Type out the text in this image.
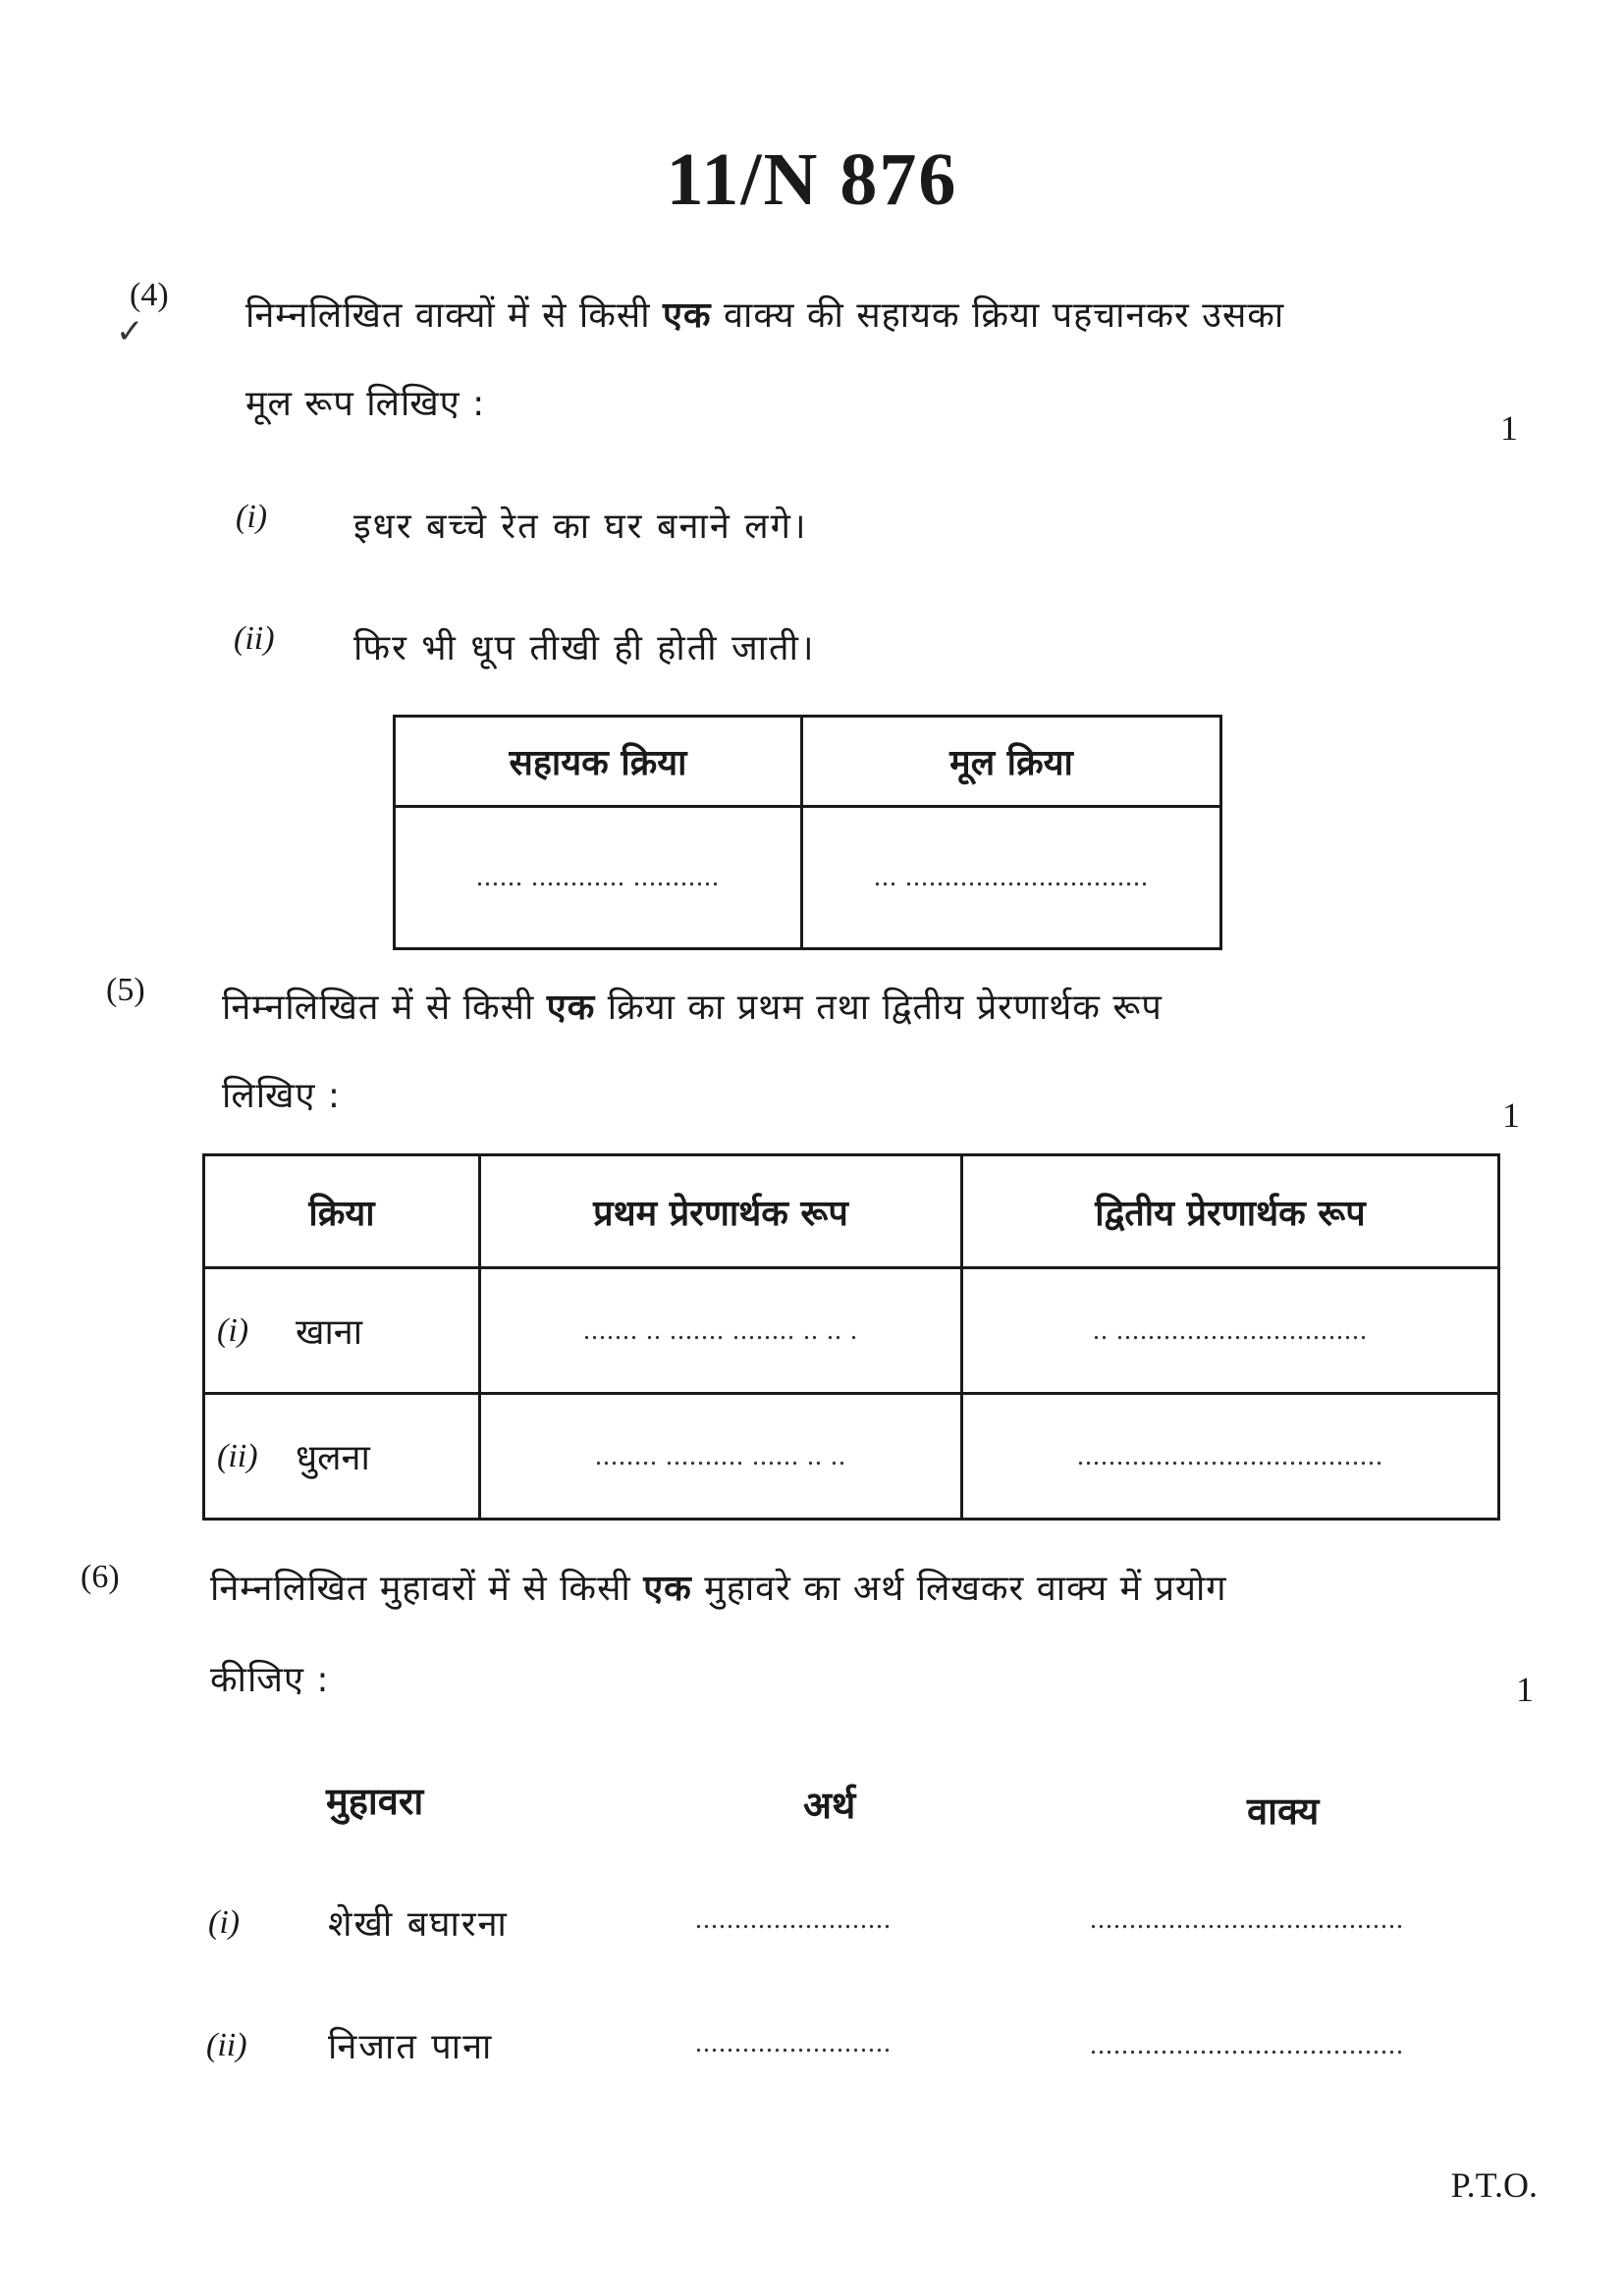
11/N 876
(4)
✓	निम्नलिखित वाक्यों में से किसी एक वाक्य की सहायक क्रिया पहचानकर उसका
मूल रूप लिखिए :
1
(i) इधर बच्चे रेत का घर बनाने लगे।
(ii) फिर भी धूप तीखी ही होती जाती।
सहायक क्रिया	मूल क्रिया

...... ............ ...........	... ...............................
(5) निम्नलिखित में से किसी एक क्रिया का प्रथम तथा द्वितीय प्रेरणार्थक रूप
लिखिए :	1
क्रिया	प्रथम प्रेरणार्थक रूप	द्वितीय प्रेरणार्थक रूप

(i) खाना	....... .. ....... ........ .. .. .	.. ................................

(ii) धुलना	........ .......... ...... .. ..	.......................................
(6)	निम्नलिखित मुहावरों में से किसी एक मुहावरे का अर्थ लिखकर वाक्य में प्रयोग
कीजिए :	1
मुहावरा	अर्थ	वाक्य
(i) शेखी बघारना	.........................	........................................
(ii) निजात पाना	.........................	........................................
P.T.O.
